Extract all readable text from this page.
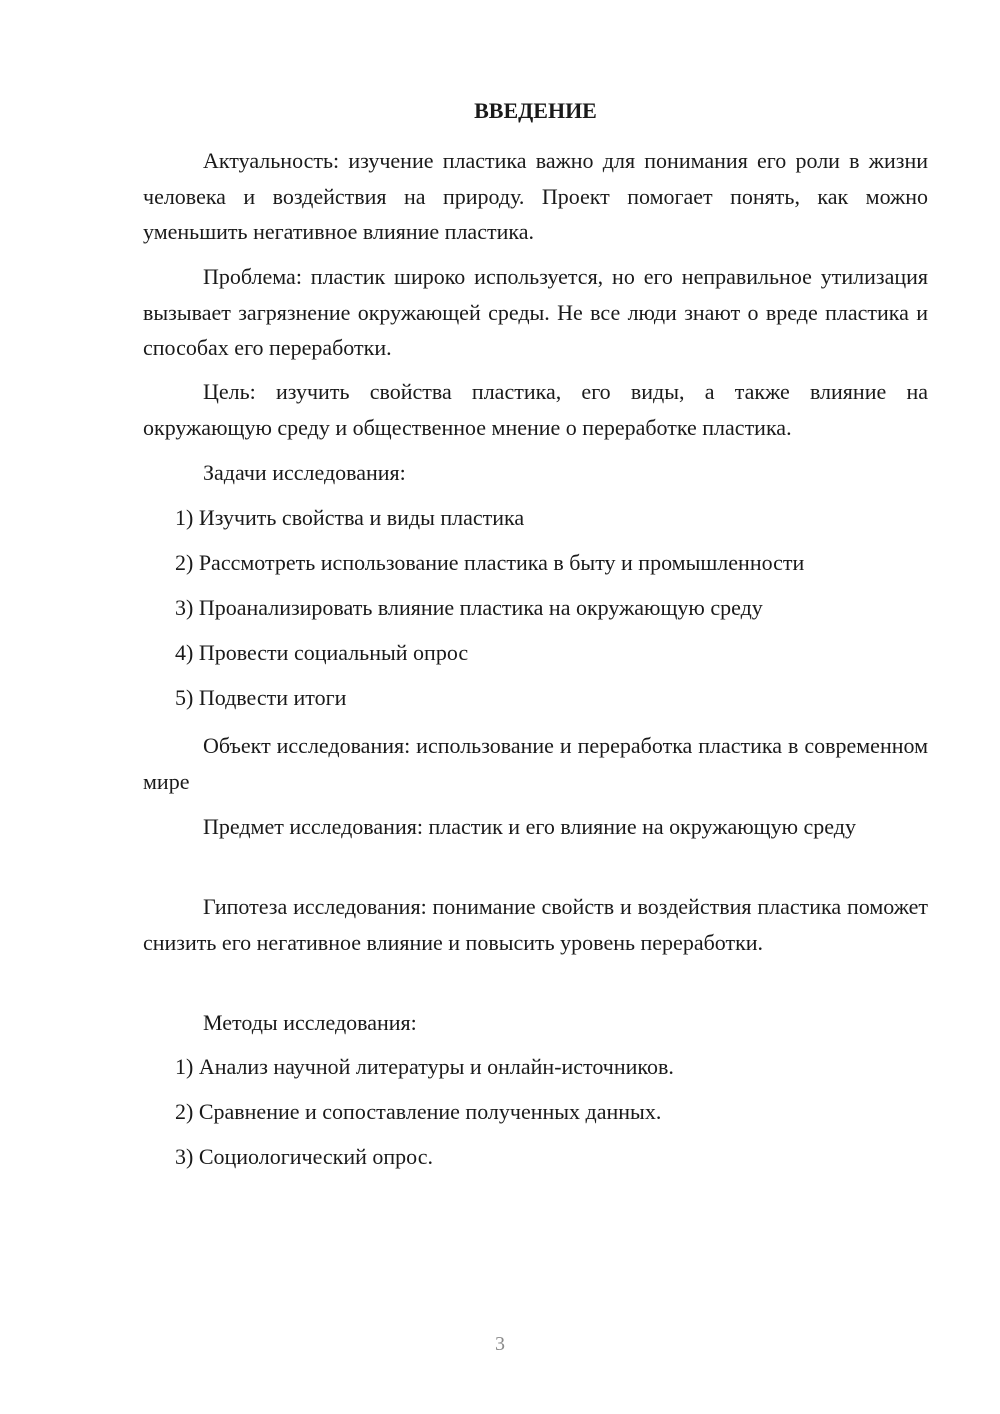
ВВЕДЕНИЕ

Актуальность: изучение пластика важно для понимания его роли в жизни человека и воздействия на природу. Проект помогает понять, как можно уменьшить негативное влияние пластика.

Проблема: пластик широко используется, но его неправильное утилизация вызывает загрязнение окружающей среды. Не все люди знают о вреде пластика и способах его переработки.

Цель: изучить свойства пластика, его виды, а также влияние на окружающую среду и общественное мнение о переработке пластика.

Задачи исследования:

1) Изучить свойства и виды пластика

2) Рассмотреть использование пластика в быту и промышленности

3) Проанализировать влияние пластика на окружающую среду

4) Провести социальный опрос

5) Подвести итоги

Объект исследования: использование и переработка пластика в современном мире

Предмет исследования: пластик и его влияние на окружающую среду

Гипотеза исследования: понимание свойств и воздействия пластика поможет снизить его негативное влияние и повысить уровень переработки.

Методы исследования:

1) Анализ научной литературы и онлайн-источников.

2) Сравнение и сопоставление полученных данных.

3) Социологический опрос.

3
